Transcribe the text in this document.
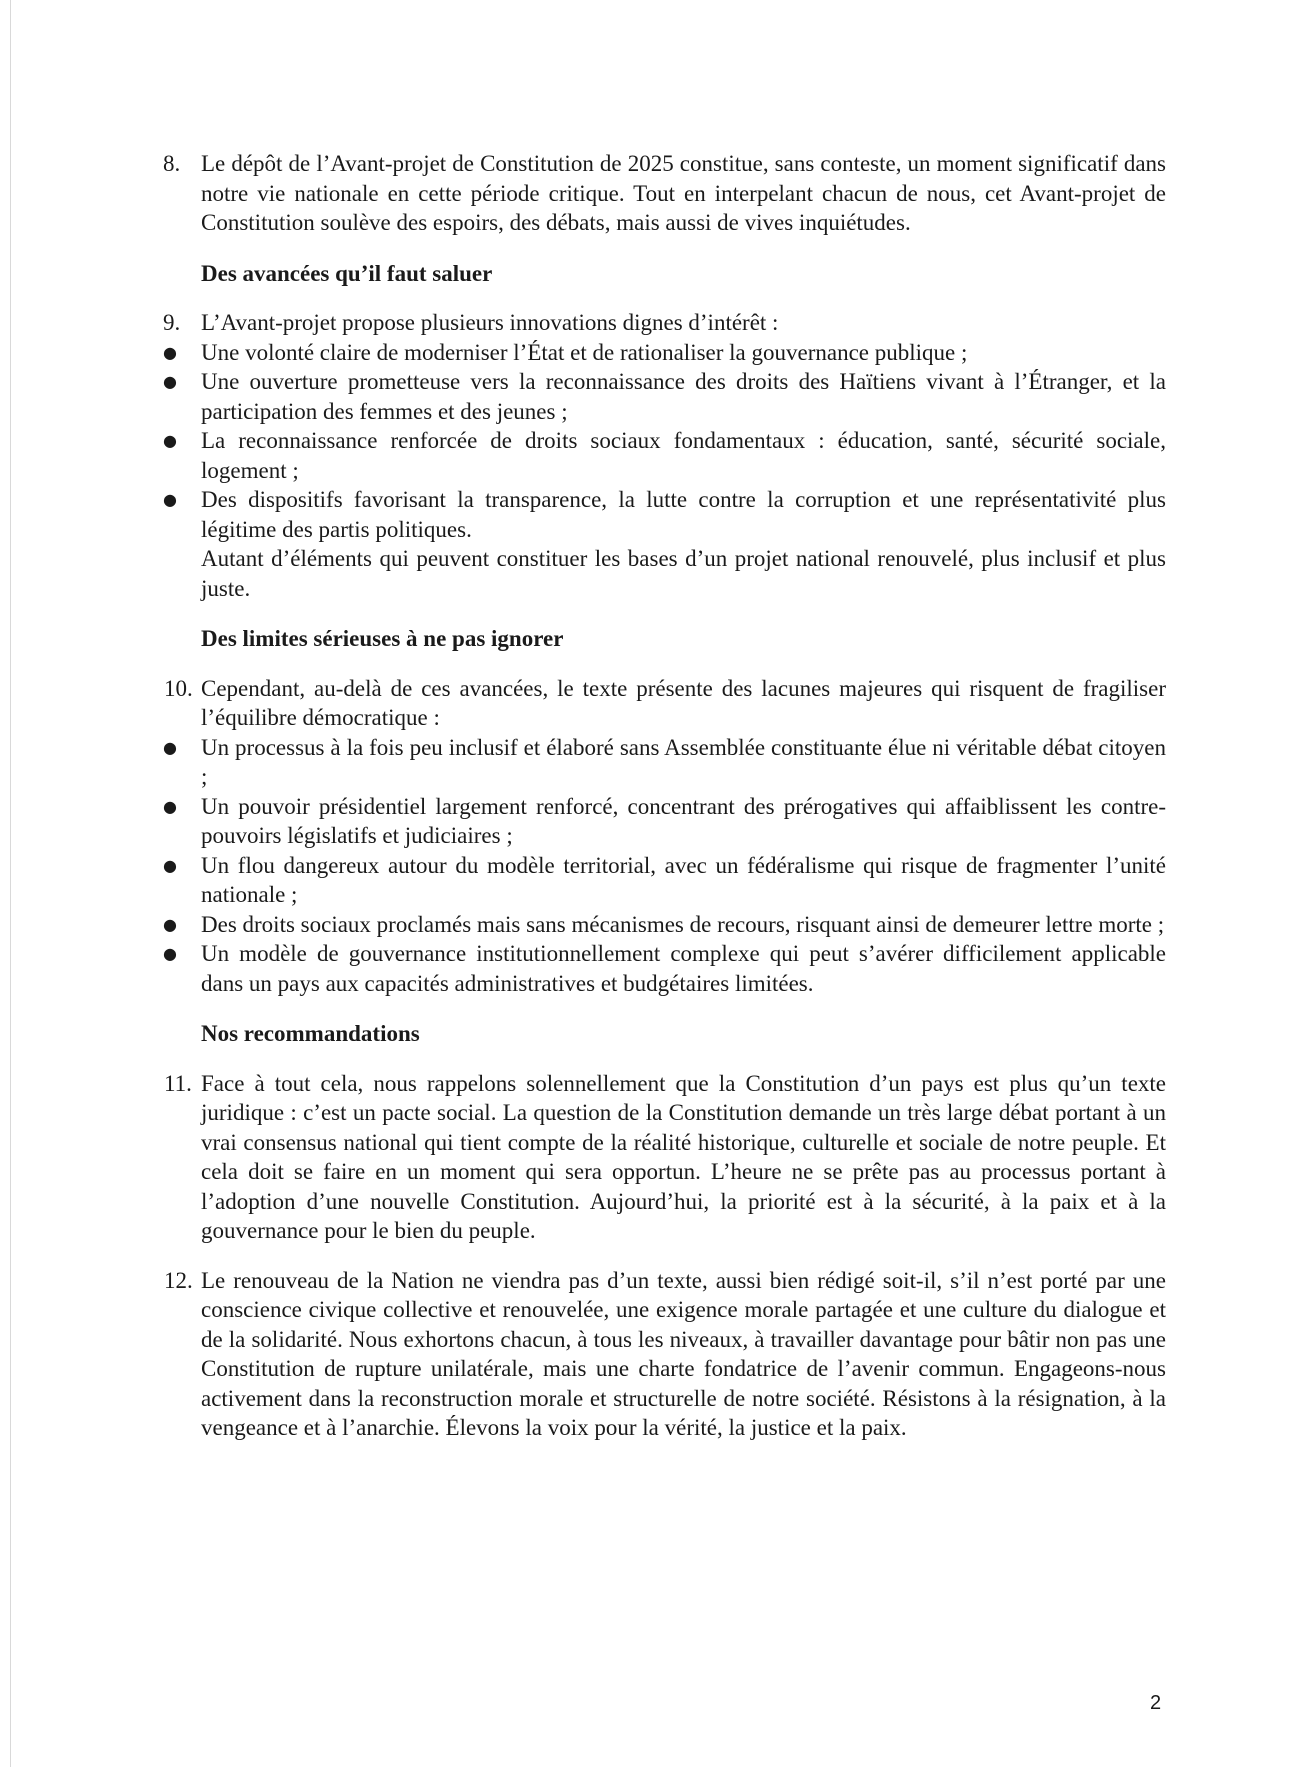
8. Le dépôt de l’Avant-projet de Constitution de 2025 constitue, sans conteste, un moment significatif dans notre vie nationale en cette période critique. Tout en interpelant chacun de nous, cet Avant-projet de Constitution soulève des espoirs, des débats, mais aussi de vives inquiétudes.

Des avancées qu’il faut saluer

9. L’Avant-projet propose plusieurs innovations dignes d’intérêt :

● Une volonté claire de moderniser l’État et de rationaliser la gouvernance publique ;

● Une ouverture prometteuse vers la reconnaissance des droits des Haïtiens vivant à l’Étranger, et la participation des femmes et des jeunes ;

● La reconnaissance renforcée de droits sociaux fondamentaux : éducation, santé, sécurité sociale, logement ;

● Des dispositifs favorisant la transparence, la lutte contre la corruption et une représentativité plus légitime des partis politiques.

Autant d’éléments qui peuvent constituer les bases d’un projet national renouvelé, plus inclusif et plus juste.

Des limites sérieuses à ne pas ignorer

10. Cependant, au-delà de ces avancées, le texte présente des lacunes majeures qui risquent de fragiliser l’équilibre démocratique :

● Un processus à la fois peu inclusif et élaboré sans Assemblée constituante élue ni véritable débat citoyen ;

● Un pouvoir présidentiel largement renforcé, concentrant des prérogatives qui affaiblissent les contre-pouvoirs législatifs et judiciaires ;

● Un flou dangereux autour du modèle territorial, avec un fédéralisme qui risque de fragmenter l’unité nationale ;

● Des droits sociaux proclamés mais sans mécanismes de recours, risquant ainsi de demeurer lettre morte ;

● Un modèle de gouvernance institutionnellement complexe qui peut s’avérer difficilement applicable dans un pays aux capacités administratives et budgétaires limitées.

Nos recommandations

11. Face à tout cela, nous rappelons solennellement que la Constitution d’un pays est plus qu’un texte juridique : c’est un pacte social. La question de la Constitution demande un très large débat portant à un vrai consensus national qui tient compte de la réalité historique, culturelle et sociale de notre peuple. Et cela doit se faire en un moment qui sera opportun. L’heure ne se prête pas au processus portant à l’adoption d’une nouvelle Constitution. Aujourd’hui, la priorité est à la sécurité, à la paix et à la gouvernance pour le bien du peuple.

12. Le renouveau de la Nation ne viendra pas d’un texte, aussi bien rédigé soit-il, s’il n’est porté par une conscience civique collective et renouvelée, une exigence morale partagée et une culture du dialogue et de la solidarité. Nous exhortons chacun, à tous les niveaux, à travailler davantage pour bâtir non pas une Constitution de rupture unilatérale, mais une charte fondatrice de l’avenir commun. Engageons-nous activement dans la reconstruction morale et structurelle de notre société. Résistons à la résignation, à la vengeance et à l’anarchie. Élevons la voix pour la vérité, la justice et la paix.

2
